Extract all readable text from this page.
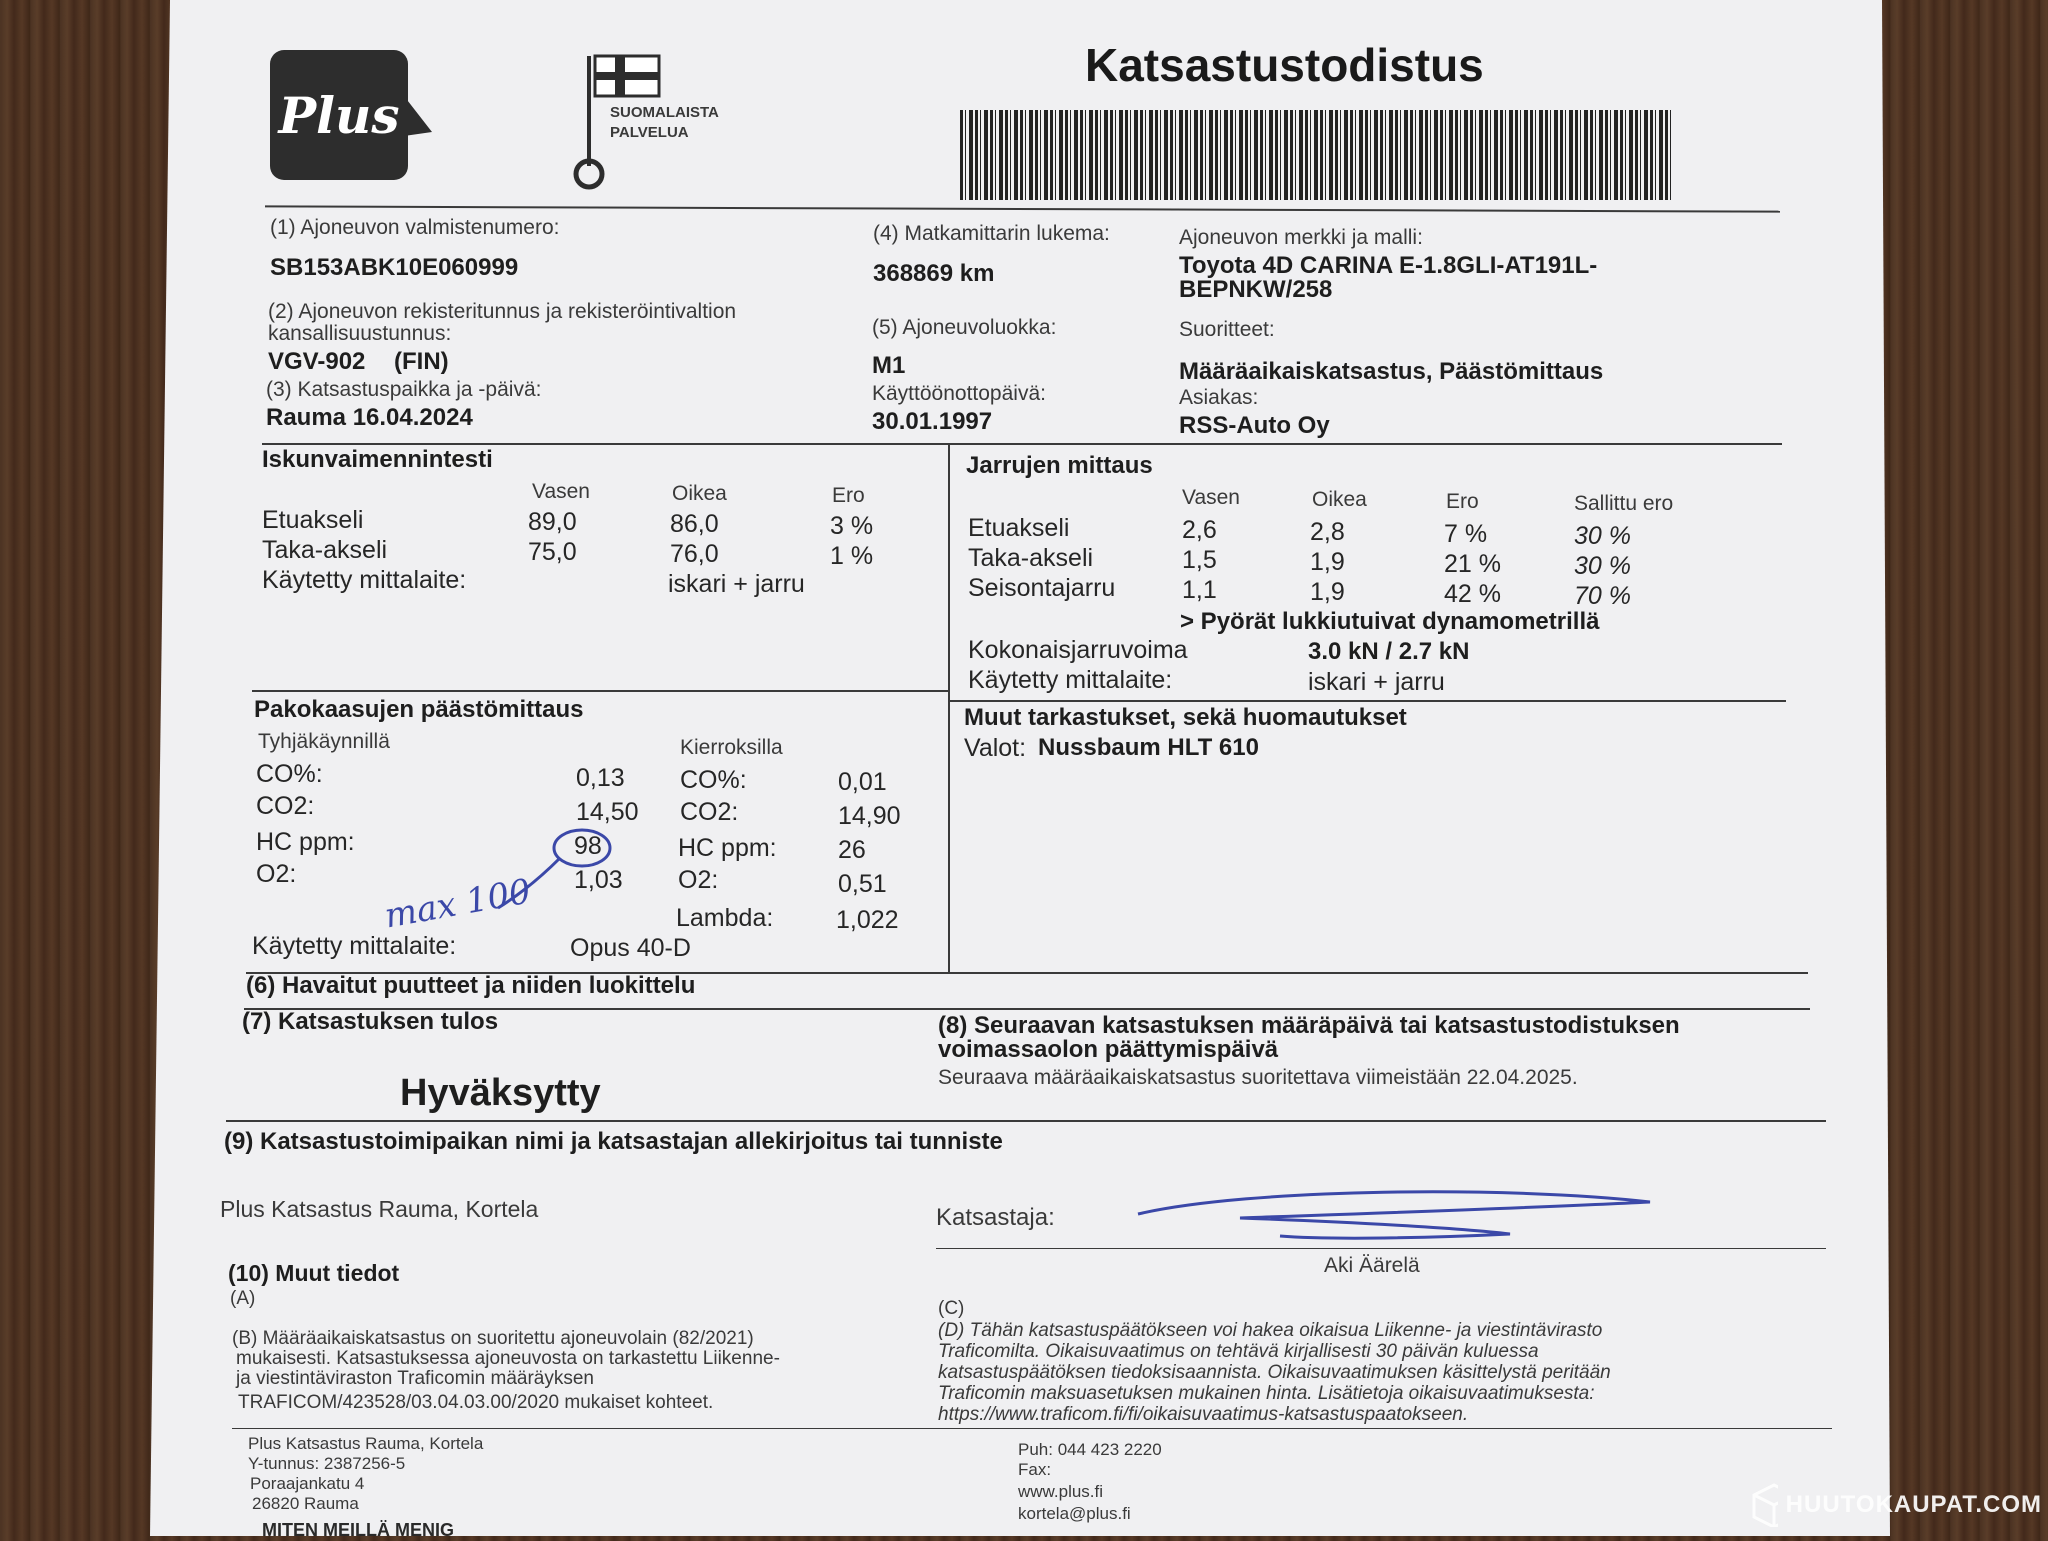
Plus	SUOMALAISTA
PALVELUA
Katsastustodistus
(1) Ajoneuvon valmistenumero:
SB153ABK10E060999
(2) Ajoneuvon rekisteritunnus ja rekisteröintivaltion
kansallisuustunnus:
VGV-902 (FIN)
(3) Katsastuspaikka ja -päivä:
Rauma 16.04.2024
(4) Matkamittarin lukema:
368869 km
(5) Ajoneuvoluokka:
M1
Käyttöönottopäivä:
30.01.1997
Ajoneuvon merkki ja malli:
Toyota 4D CARINA E-1.8GLI-AT191L-
BEPNKW/258
Suoritteet:
Määräaikaiskatsastus, Päästömittaus
Asiakas:
RSS-Auto Oy
Iskunvaimennintesti
Vasen	Oikea	Ero
Etuakseli	89,0	86,0	3 %
Taka-akseli	75,0	76,0	1 %
Käytetty mittalaite:	iskari + jarru
Jarrujen mittaus
Vasen	Oikea	Ero	Sallittu ero
Etuakseli	2,6	2,8	7 %	30 %
Taka-akseli	1,5	1,9	21 %	30 %
Seisontajarru	1,1	1,9	42 %	70 %
> Pyörät lukkiutuivat dynamometrillä
Kokonaisjarruvoima	3.0 kN / 2.7 kN
Käytetty mittalaite:	iskari + jarru
Pakokaasujen päästömittaus
Tyhjäkäynnillä	Kierroksilla
CO%:	0,13
CO2:	14,50
HC ppm:	98
O2:	1,03
CO%:	0,01
CO2:	14,90
HC ppm: 26
O2:	0,51
Lambda:	1,022
max 100
Käytetty mittalaite:	Opus 40-D
Muut tarkastukset, sekä huomautukset
Valot: Nussbaum HLT 610
(6) Havaitut puutteet ja niiden luokittelu
(7) Katsastuksen tulos
Hyväksytty
(8) Seuraavan katsastuksen määräpäivä tai katsastustodistuksen
voimassaolon päättymispäivä
Seuraava määräaikaiskatsastus suoritettava viimeistään 22.04.2025.
(9) Katsastustoimipaikan nimi ja katsastajan allekirjoitus tai tunniste
Plus Katsastus Rauma, Kortela	Katsastaja:
Aki Äärelä
(10) Muut tiedot
(A)
(B) Määräaikaiskatsastus on suoritettu ajoneuvolain (82/2021)
mukaisesti. Katsastuksessa ajoneuvosta on tarkastettu Liikenne-
ja viestintäviraston Traficomin määräyksen
TRAFICOM/423528/03.04.03.00/2020 mukaiset kohteet.
(C)
(D) Tähän katsastuspäätökseen voi hakea oikaisua Liikenne- ja viestintävirasto
Traficomilta. Oikaisuvaatimus on tehtävä kirjallisesti 30 päivän kuluessa
katsastuspäätöksen tiedoksisaannista. Oikaisuvaatimuksen käsittelystä peritään
Traficomin maksuasetuksen mukainen hinta. Lisätietoja oikaisuvaatimuksesta:
https://www.traficom.fi/fi/oikaisuvaatimus-katsastuspaatokseen.
Plus Katsastus Rauma, Kortela
Y-tunnus: 2387256-5
Poraajankatu 4
26820 Rauma
Puh: 044 423 2220
Fax:
www.plus.fi
kortela@plus.fi
MITEN MEILLÄ MENIG
HUUTOKAUPAT.COM
